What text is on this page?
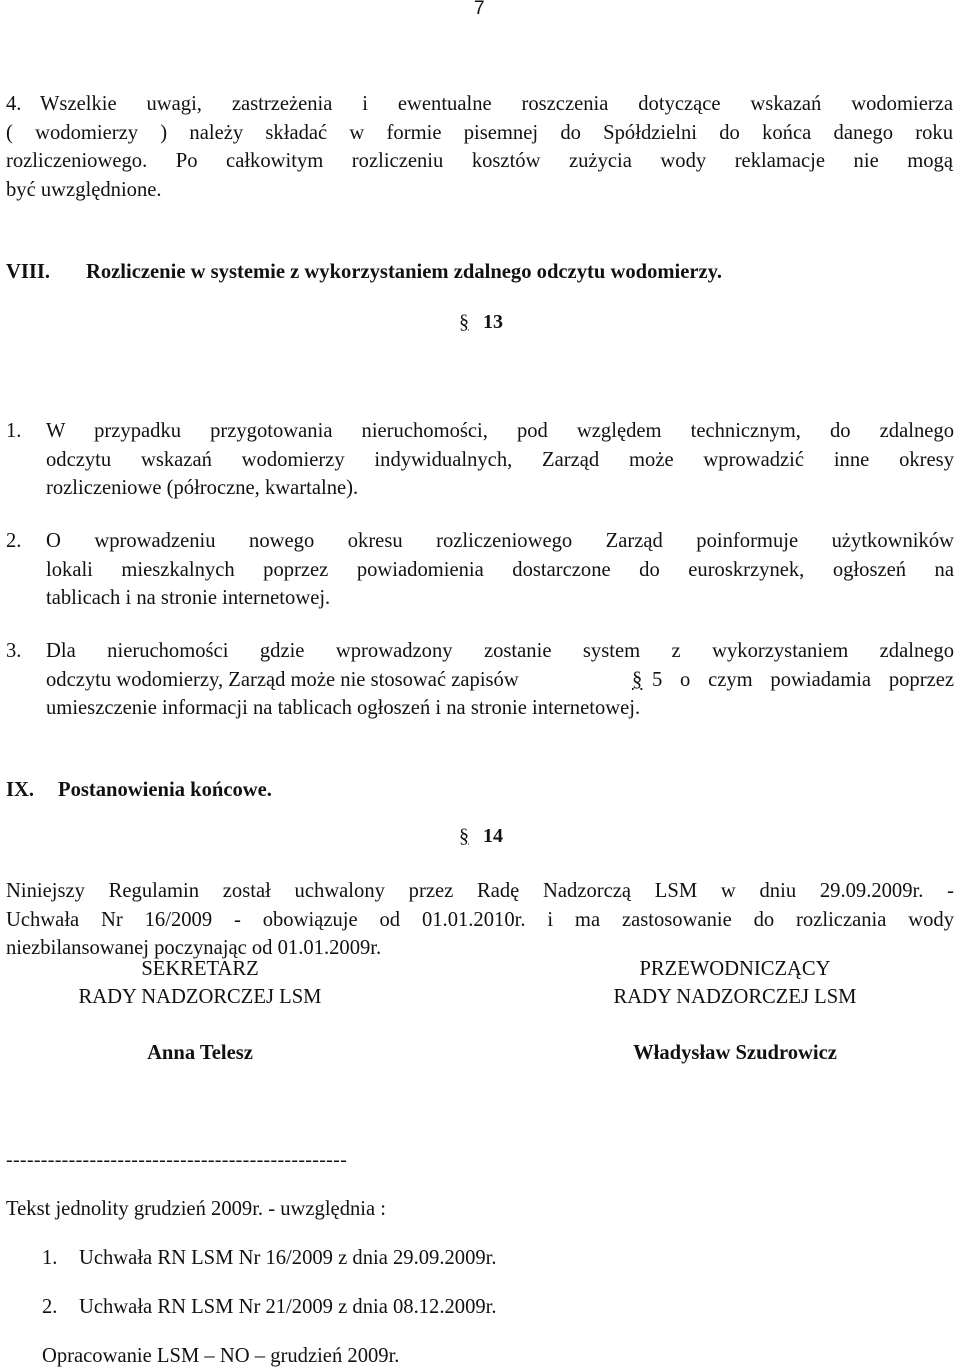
7
4. Wszelkie uwagi, zastrzeżenia i ewentualne roszczenia dotyczące wskazań wodomierza
( wodomierzy ) należy składać w formie pisemnej do Spółdzielni do końca danego roku
rozliczeniowego. Po całkowitym rozliczeniu kosztów zużycia wody reklamacje nie mogą
być uwzględnione.
VIII. Rozliczenie w systemie z wykorzystaniem zdalnego odczytu wodomierzy.
§ 13
1. W przypadku przygotowania nieruchomości, pod względem technicznym, do zdalnego
odczytu wskazań wodomierzy indywidualnych, Zarząd może wprowadzić inne okresy
rozliczeniowe (półroczne, kwartalne).
2. O wprowadzeniu nowego okresu rozliczeniowego Zarząd poinformuje użytkowników
lokali mieszkalnych poprzez powiadomienia dostarczone do euroskrzynek, ogłoszeń na
tablicach i na stronie internetowej.
3. Dla nieruchomości gdzie wprowadzony zostanie system z wykorzystaniem zdalnego
odczytu wodomierzy, Zarząd może nie stosować zapisów	§ 5 o czym powiadamia poprzez
umieszczenie informacji na tablicach ogłoszeń i na stronie internetowej.
IX. Postanowienia końcowe.
§ 14
Niniejszy Regulamin został uchwalony przez Radę Nadzorczą LSM w dniu 29.09.2009r. -
Uchwała Nr 16/2009 - obowiązuje od 01.01.2010r. i ma zastosowanie do rozliczania wody
niezbilansowanej poczynając od 01.01.2009r.
SEKRETARZ
RADY NADZORCZEJ LSM
Anna Telesz
PRZEWODNICZĄCY
RADY NADZORCZEJ LSM
Władysław Szudrowicz
-------------------------------------------------
Tekst jednolity grudzień 2009r. - uwzględnia :
1. Uchwała RN LSM Nr 16/2009 z dnia 29.09.2009r.
2. Uchwała RN LSM Nr 21/2009 z dnia 08.12.2009r.
Opracowanie LSM – NO – grudzień 2009r.
